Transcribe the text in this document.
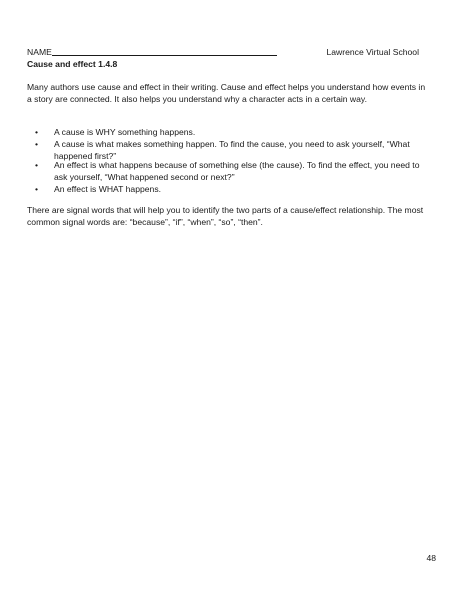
NAME	Lawrence Virtual School
Cause and effect 1.4.8

Many authors use cause and effect in their writing. Cause and effect helps you understand how events in a story are connected. It also helps you understand why a character acts in a certain way.

• A cause is WHY something happens.
• A cause is what makes something happen. To find the cause, you need to ask yourself, “What happened first?”
• An effect is what happens because of something else (the cause). To find the effect, you need to ask yourself, “What happened second or next?”
• An effect is WHAT happens.

There are signal words that will help you to identify the two parts of a cause/effect relationship. The most common signal words are: “because”, “if”, “when”, “so”, “then”.

48
